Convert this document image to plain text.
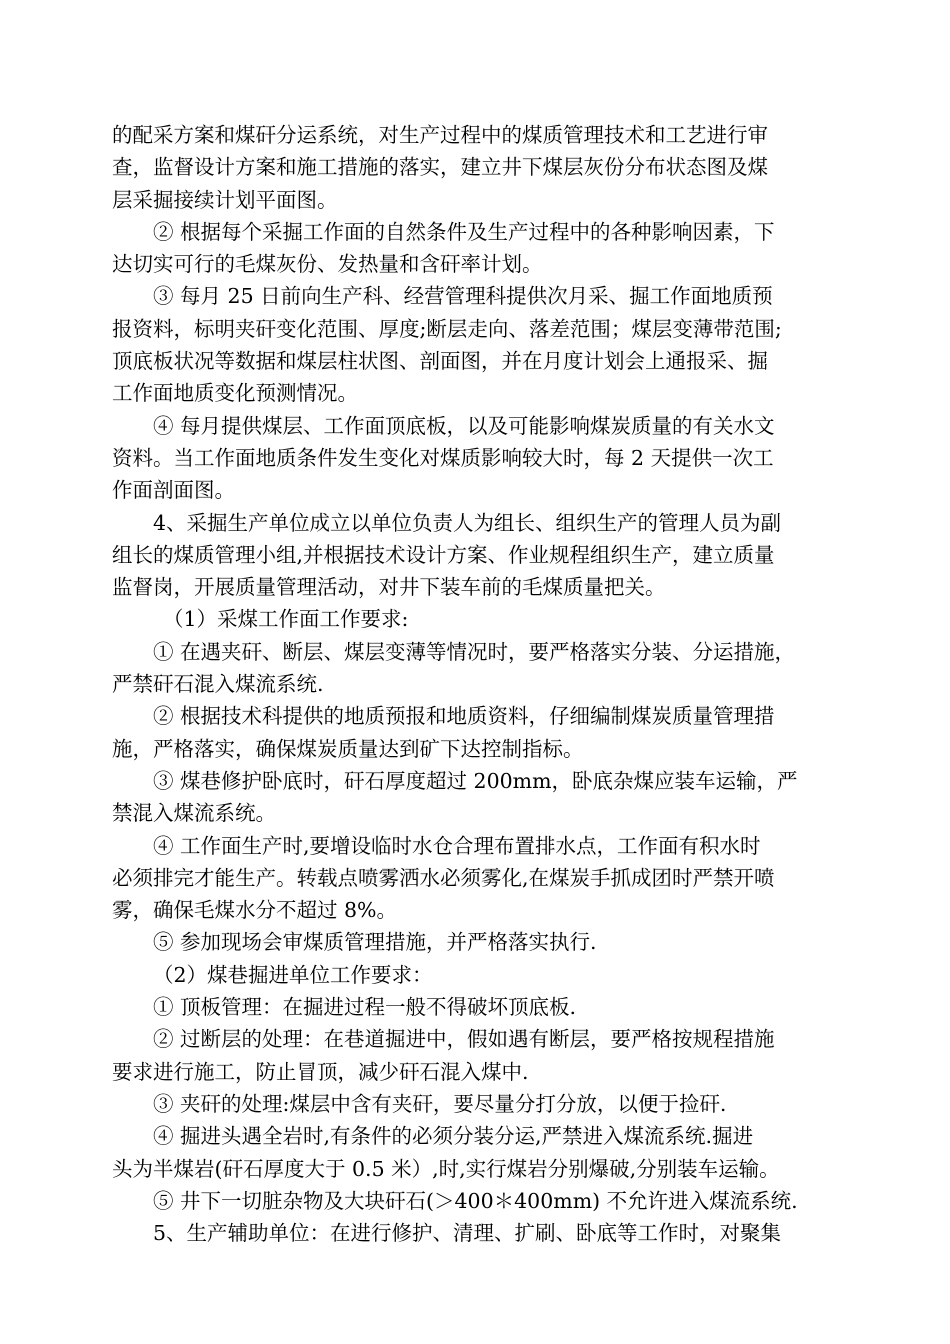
的配采方案和煤矸分运系统，对生产过程中的煤质管理技术和工艺进行审
查，监督设计方案和施工措施的落实，建立井下煤层灰份分布状态图及煤
层采掘接续计划平面图。
② 根据每个采掘工作面的自然条件及生产过程中的各种影响因素，下
达切实可行的毛煤灰份、发热量和含矸率计划。
③ 每月 25 日前向生产科、经营管理科提供次月采、掘工作面地质预
报资料，标明夹矸变化范围、厚度;断层走向、落差范围；煤层变薄带范围;
顶底板状况等数据和煤层柱状图、剖面图，并在月度计划会上通报采、掘
工作面地质变化预测情况。
④ 每月提供煤层、工作面顶底板，以及可能影响煤炭质量的有关水文
资料。当工作面地质条件发生变化对煤质影响较大时，每 2 天提供一次工
作面剖面图。
4、采掘生产单位成立以单位负责人为组长、组织生产的管理人员为副
组长的煤质管理小组,并根据技术设计方案、作业规程组织生产，建立质量
监督岗，开展质量管理活动，对井下装车前的毛煤质量把关。
（1）采煤工作面工作要求:
① 在遇夹矸、断层、煤层变薄等情况时，要严格落实分装、分运措施，
严禁矸石混入煤流系统.
② 根据技术科提供的地质预报和地质资料，仔细编制煤炭质量管理措
施，严格落实，确保煤炭质量达到矿下达控制指标。
③ 煤巷修护卧底时，矸石厚度超过 200mm，卧底杂煤应装车运输，严
禁混入煤流系统。
④ 工作面生产时,要增设临时水仓合理布置排水点，工作面有积水时
必须排完才能生产。转载点喷雾洒水必须雾化,在煤炭手抓成团时严禁开喷
雾，确保毛煤水分不超过 8%。
⑤ 参加现场会审煤质管理措施，并严格落实执行.
（2）煤巷掘进单位工作要求：
① 顶板管理：在掘进过程一般不得破坏顶底板.
② 过断层的处理：在巷道掘进中，假如遇有断层，要严格按规程措施
要求进行施工，防止冒顶，减少矸石混入煤中.
③ 夹矸的处理:煤层中含有夹矸，要尽量分打分放，以便于捡矸.
④ 掘进头遇全岩时,有条件的必须分装分运,严禁进入煤流系统.掘进
头为半煤岩(矸石厚度大于 0.5 米）,时,实行煤岩分别爆破,分别装车运输。
⑤ 井下一切脏杂物及大块矸石(＞400＊400mm) 不允许进入煤流系统.
5、生产辅助单位：在进行修护、清理、扩刷、卧底等工作时，对聚集
